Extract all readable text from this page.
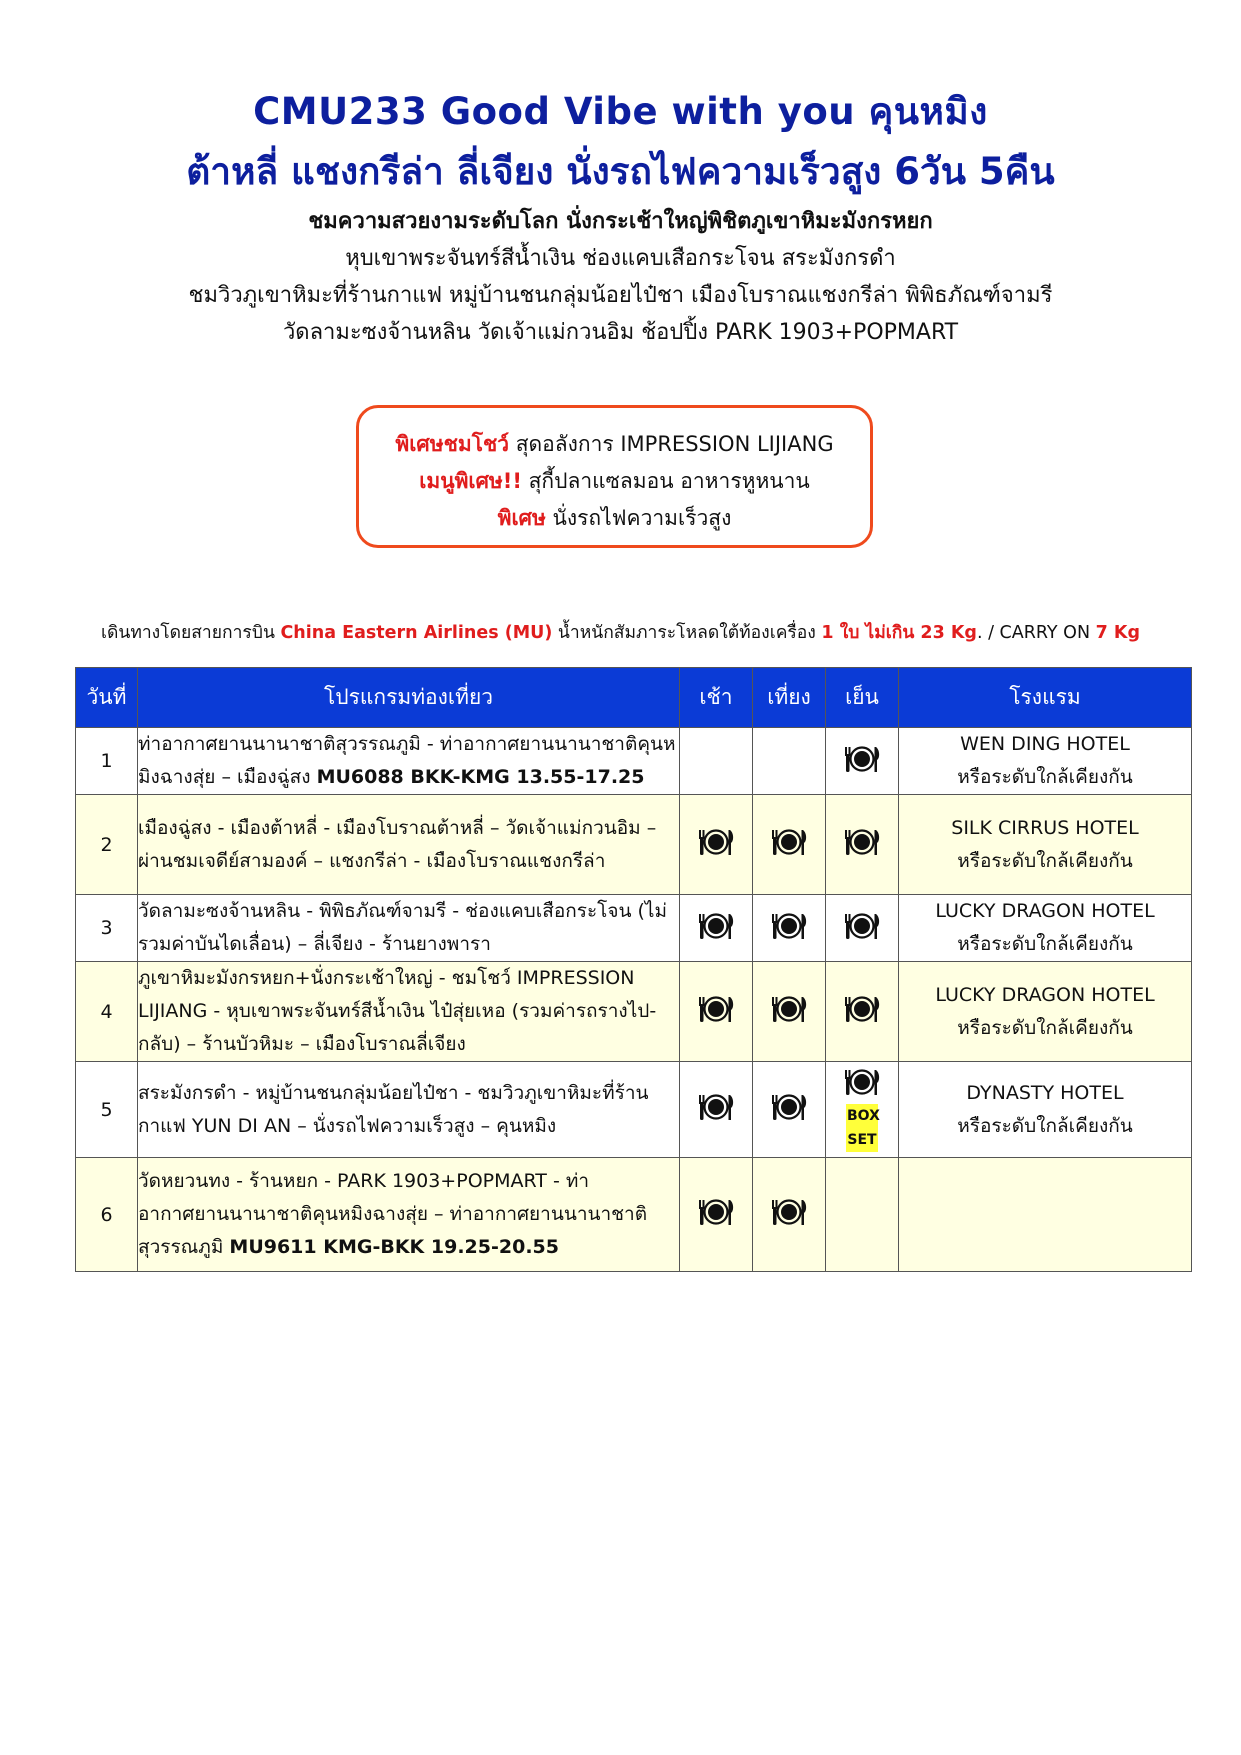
CMU233 Good Vibe with you คุนหมิง
ต้าหลี่ แชงกรีล่า ลี่เจียง นั่งรถไฟความเร็วสูง 6วัน 5คืน
ชมความสวยงามระดับโลก นั่งกระเช้าใหญ่พิชิตภูเขาหิมะมังกรหยก
หุบเขาพระจันทร์สีน้ำเงิน ช่องแคบเสือกระโจน สระมังกรดำ
ชมวิวภูเขาหิมะที่ร้านกาแฟ หมู่บ้านชนกลุ่มน้อยไป๋ชา เมืองโบราณแชงกรีล่า พิพิธภัณฑ์จามรี
วัดลามะซงจ้านหลิน วัดเจ้าแม่กวนอิม ช้อปปิ้ง PARK 1903+POPMART
พิเศษชมโชว์ สุดอลังการ IMPRESSION LIJIANG
เมนูพิเศษ!! สุกี้ปลาแซลมอน อาหารหูหนาน
พิเศษ นั่งรถไฟความเร็วสูง
เดินทางโดยสายการบิน China Eastern Airlines (MU) น้ำหนักสัมภาระโหลดใต้ท้องเครื่อง 1 ใบ ไม่เกิน 23 Kg. / CARRY ON 7 Kg
วันที่	โปรแกรมท่องเที่ยว	เช้า	เที่ยง	เย็น	โรงแรม
1	ท่าอากาศยานนานาชาติสุวรรณภูมิ - ท่าอากาศยานนานาชาติคุนหมิงฉางสุ่ย – เมืองฉู่สง MU6088 BKK-KMG 13.55-17.25				WEN DING HOTEL
หรือระดับใกล้เคียงกัน

2	เมืองฉู่สง - เมืองต้าหลี่ - เมืองโบราณต้าหลี่ – วัดเจ้าแม่กวนอิม – ผ่านชมเจดีย์สามองค์ – แชงกรีล่า - เมืองโบราณแชงกรีล่า				SILK CIRRUS HOTEL
หรือระดับใกล้เคียงกัน

3	วัดลามะซงจ้านหลิน - พิพิธภัณฑ์จามรี - ช่องแคบเสือกระโจน (ไม่รวมค่าบันไดเลื่อน) – ลี่เจียง - ร้านยางพารา				LUCKY DRAGON HOTEL
หรือระดับใกล้เคียงกัน

4	ภูเขาหิมะมังกรหยก+นั่งกระเช้าใหญ่ - ชมโชว์ IMPRESSION LIJIANG - หุบเขาพระจันทร์สีน้ำเงิน ไป๋สุ่ยเหอ (รวมค่ารถรางไป-กลับ) – ร้านบัวหิมะ – เมืองโบราณลี่เจียง				LUCKY DRAGON HOTEL
หรือระดับใกล้เคียงกัน

5	สระมังกรดำ - หมู่บ้านชนกลุ่มน้อยไป๋ชา - ชมวิวภูเขาหิมะที่ร้านกาแฟ YUN DI AN – นั่งรถไฟความเร็วสูง – คุนหมิง			BOX SET	DYNASTY HOTEL
หรือระดับใกล้เคียงกัน

6	วัดหยวนทง - ร้านหยก - PARK 1903+POPMART - ท่าอากาศยานนานาชาติคุนหมิงฉางสุ่ย – ท่าอากาศยานนานาชาติสุวรรณภูมิ MU9611 KMG-BKK 19.25-20.55				
